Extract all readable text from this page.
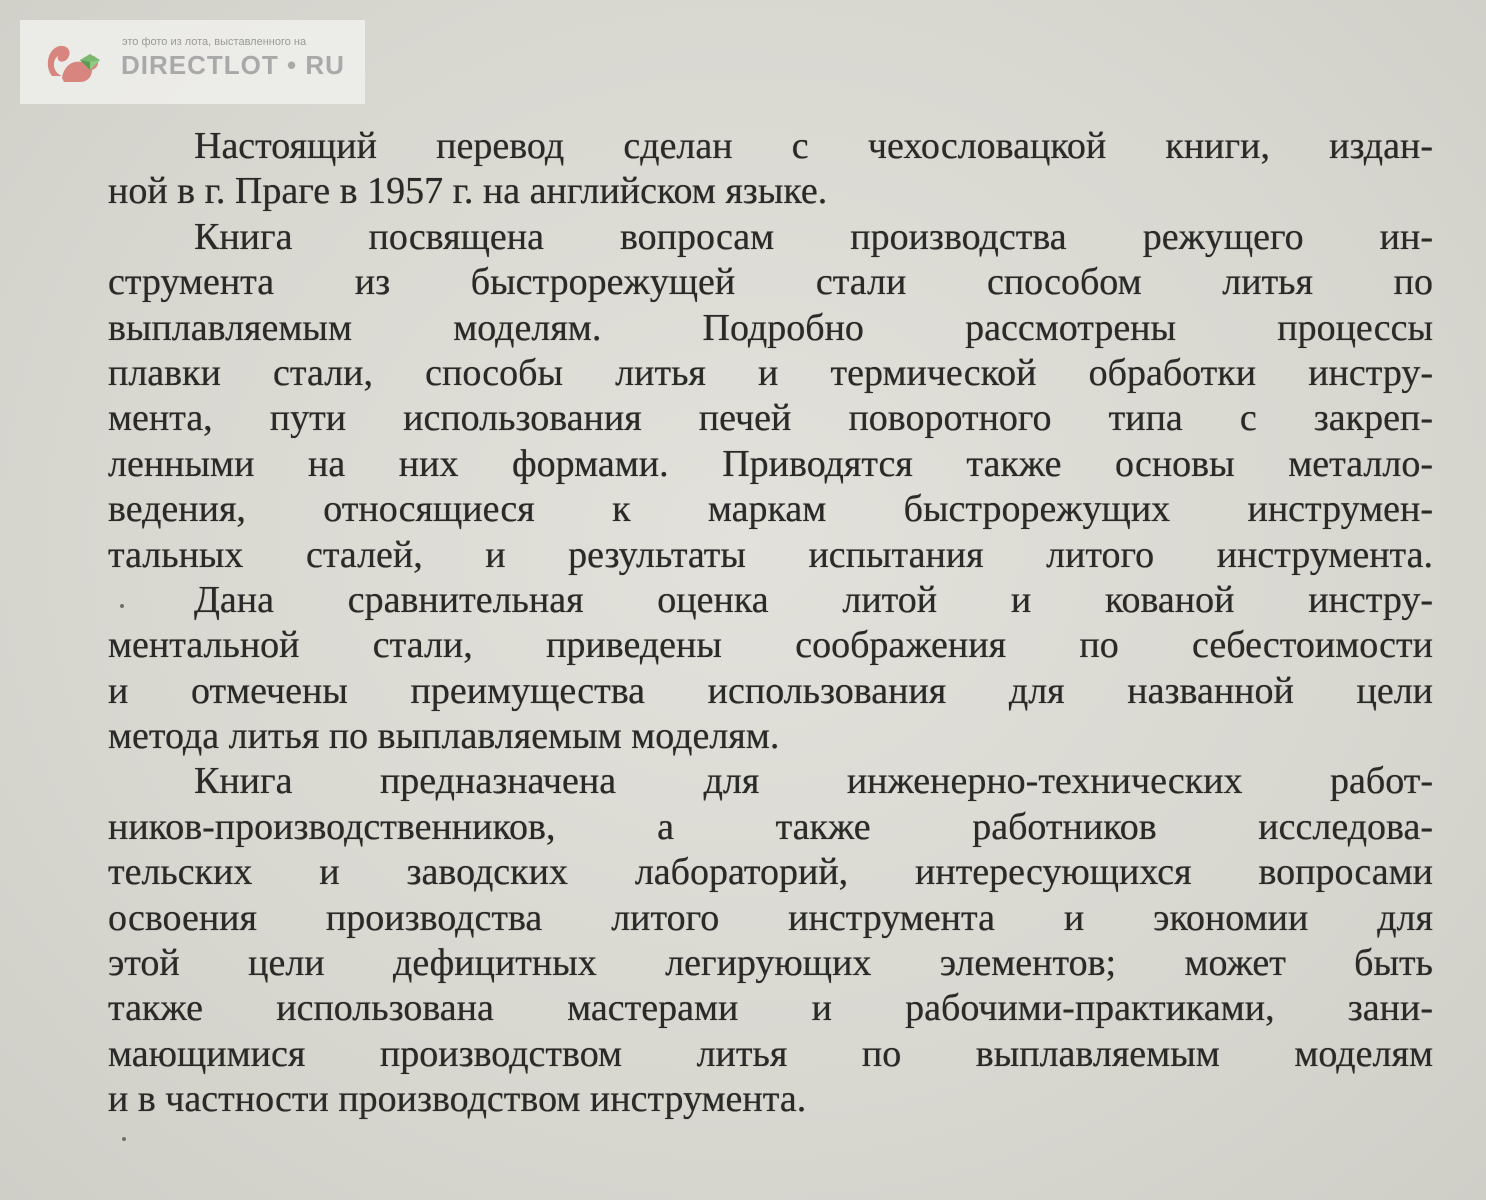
это фото из лота, выставленного на
DIRECTLOT • RU
Настоящий перевод сделан с чехословацкой книги, издан-
ной в г. Праге в 1957 г. на английском языке.
Книга посвящена вопросам производства режущего ин-
струмента из быстрорежущей стали способом литья по
выплавляемым моделям. Подробно рассмотрены процессы
плавки стали, способы литья и термической обработки инстру-
мента, пути использования печей поворотного типа с закреп-
ленными на них формами. Приводятся также основы металло-
ведения, относящиеся к маркам быстрорежущих инструмен-
тальных сталей, и результаты испытания литого инструмента.
Дана сравнительная оценка литой и кованой инстру-
ментальной стали, приведены соображения по себестоимости
и отмечены преимущества использования для названной цели
метода литья по выплавляемым моделям.
Книга предназначена для инженерно-технических работ-
ников-производственников, а также работников исследова-
тельских и заводских лабораторий, интересующихся вопросами
освоения производства литого инструмента и экономии для
этой цели дефицитных легирующих элементов; может быть
также использована мастерами и рабочими-практиками, зани-
мающимися производством литья по выплавляемым моделям
и в частности производством инструмента.
